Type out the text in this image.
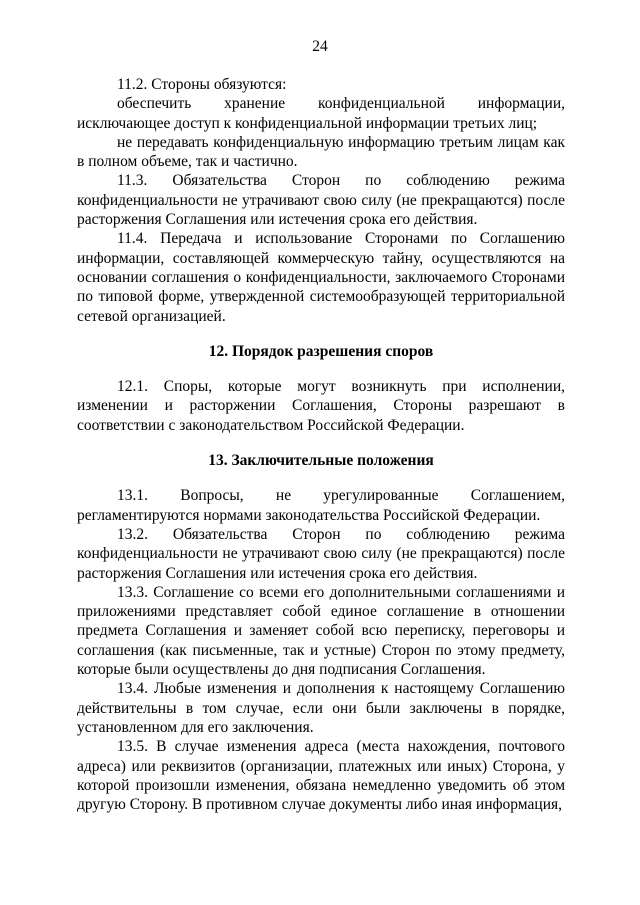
24

11.2. Стороны обязуются:

обеспечить хранение конфиденциальной информации, исключающее доступ к конфиденциальной информации третьих лиц;

не передавать конфиденциальную информацию третьим лицам как в полном объеме, так и частично.

11.3. Обязательства Сторон по соблюдению режима конфиденциальности не утрачивают свою силу (не прекращаются) после расторжения Соглашения или истечения срока его действия.

11.4. Передача и использование Сторонами по Соглашению информации, составляющей коммерческую тайну, осуществляются на основании соглашения о конфиденциальности, заключаемого Сторонами по типовой форме, утвержденной системообразующей территориальной сетевой организацией.

12. Порядок разрешения споров

12.1. Споры, которые могут возникнуть при исполнении, изменении и расторжении Соглашения, Стороны разрешают в соответствии с законодательством Российской Федерации.

13. Заключительные положения

13.1. Вопросы, не урегулированные Соглашением, регламентируются нормами законодательства Российской Федерации.

13.2. Обязательства Сторон по соблюдению режима конфиденциальности не утрачивают свою силу (не прекращаются) после расторжения Соглашения или истечения срока его действия.

13.3. Соглашение со всеми его дополнительными соглашениями и приложениями представляет собой единое соглашение в отношении предмета Соглашения и заменяет собой всю переписку, переговоры и соглашения (как письменные, так и устные) Сторон по этому предмету, которые были осуществлены до дня подписания Соглашения.

13.4. Любые изменения и дополнения к настоящему Соглашению действительны в том случае, если они были заключены в порядке, установленном для его заключения.

13.5. В случае изменения адреса (места нахождения, почтового адреса) или реквизитов (организации, платежных или иных) Сторона, у которой произошли изменения, обязана немедленно уведомить об этом другую Сторону. В противном случае документы либо иная информация,
